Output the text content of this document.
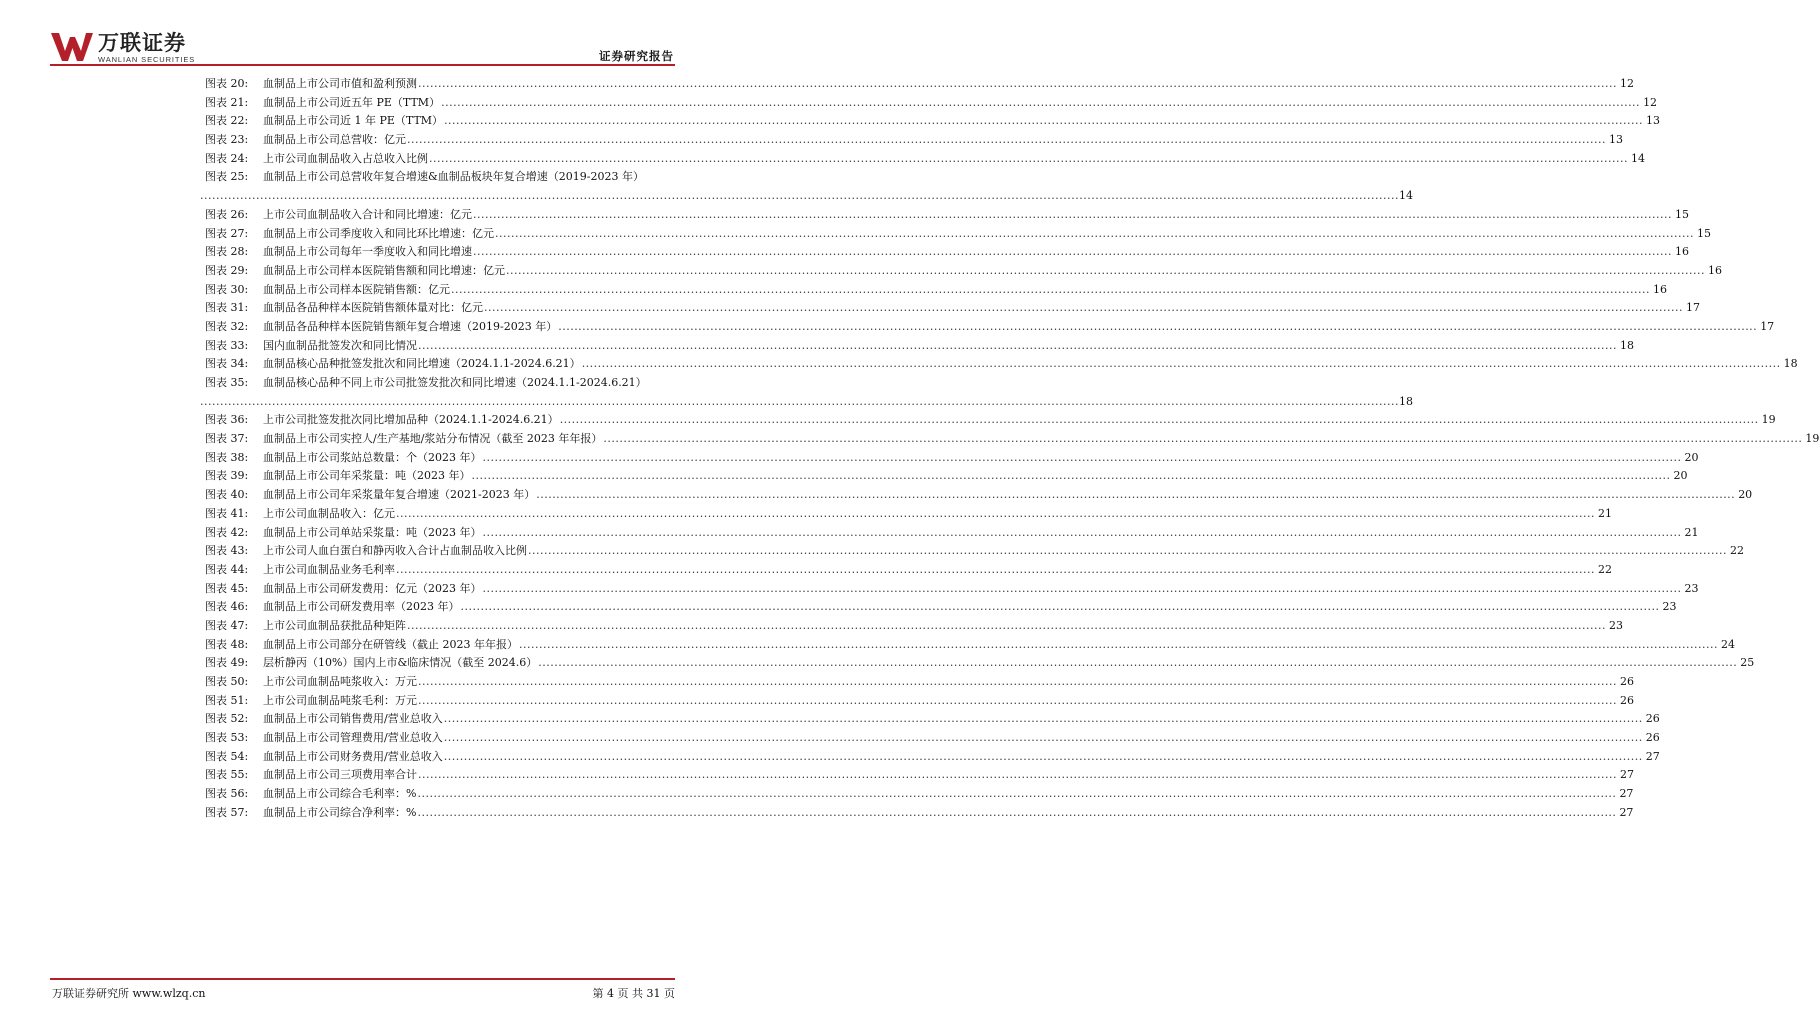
万联证券
WANLIAN SECURITIES	证券研究报告
图表 20:	血制品上市公司市值和盈利预测 ............................................................................................................................................................................................................................................................................................................ 12
图表 21:	血制品上市公司近五年 PE（TTM） ............................................................................................................................................................................................................................................................................................................ 12
图表 22:	血制品上市公司近 1 年 PE（TTM） ............................................................................................................................................................................................................................................................................................................ 13
图表 23:	血制品上市公司总营收：亿元 ............................................................................................................................................................................................................................................................................................................ 13
图表 24:	上市公司血制品收入占总收入比例 ............................................................................................................................................................................................................................................................................................................ 14
图表 25:	血制品上市公司总营收年复合增速&血制品板块年复合增速（2019-2023 年）
............................................................................................................................................................................................................................................................................................................ 14
图表 26:	上市公司血制品收入合计和同比增速：亿元 ............................................................................................................................................................................................................................................................................................................ 15
图表 27:	血制品上市公司季度收入和同比环比增速：亿元 ............................................................................................................................................................................................................................................................................................................ 15
图表 28:	血制品上市公司每年一季度收入和同比增速 ............................................................................................................................................................................................................................................................................................................ 16
图表 29:	血制品上市公司样本医院销售额和同比增速：亿元 ............................................................................................................................................................................................................................................................................................................ 16
图表 30:	血制品上市公司样本医院销售额：亿元 ............................................................................................................................................................................................................................................................................................................ 16
图表 31:	血制品各品种样本医院销售额体量对比：亿元 ............................................................................................................................................................................................................................................................................................................ 17
图表 32:	血制品各品种样本医院销售额年复合增速（2019-2023 年） ............................................................................................................................................................................................................................................................................................................ 17
图表 33:	国内血制品批签发次和同比情况 ............................................................................................................................................................................................................................................................................................................ 18
图表 34:	血制品核心品种批签发批次和同比增速（2024.1.1-2024.6.21） ............................................................................................................................................................................................................................................................................................................ 18
图表 35:	血制品核心品种不同上市公司批签发批次和同比增速（2024.1.1-2024.6.21）
............................................................................................................................................................................................................................................................................................................ 18
图表 36:	上市公司批签发批次同比增加品种（2024.1.1-2024.6.21） ............................................................................................................................................................................................................................................................................................................ 19
图表 37:	血制品上市公司实控人/生产基地/浆站分布情况（截至 2023 年年报） ............................................................................................................................................................................................................................................................................................................ 19
图表 38:	血制品上市公司浆站总数量：个（2023 年） ............................................................................................................................................................................................................................................................................................................ 20
图表 39:	血制品上市公司年采浆量：吨（2023 年） ............................................................................................................................................................................................................................................................................................................ 20
图表 40:	血制品上市公司年采浆量年复合增速（2021-2023 年） ............................................................................................................................................................................................................................................................................................................ 20
图表 41:	上市公司血制品收入：亿元 ............................................................................................................................................................................................................................................................................................................ 21
图表 42:	血制品上市公司单站采浆量：吨（2023 年） ............................................................................................................................................................................................................................................................................................................ 21
图表 43:	上市公司人血白蛋白和静丙收入合计占血制品收入比例 ............................................................................................................................................................................................................................................................................................................ 22
图表 44:	上市公司血制品业务毛利率 ............................................................................................................................................................................................................................................................................................................ 22
图表 45:	血制品上市公司研发费用：亿元（2023 年） ............................................................................................................................................................................................................................................................................................................ 23
图表 46:	血制品上市公司研发费用率（2023 年） ............................................................................................................................................................................................................................................................................................................ 23
图表 47:	上市公司血制品获批品种矩阵 ............................................................................................................................................................................................................................................................................................................ 23
图表 48:	血制品上市公司部分在研管线（截止 2023 年年报） ............................................................................................................................................................................................................................................................................................................ 24
图表 49:	层析静丙（10%）国内上市&临床情况（截至 2024.6） ............................................................................................................................................................................................................................................................................................................ 25
图表 50:	上市公司血制品吨浆收入：万元 ............................................................................................................................................................................................................................................................................................................ 26
图表 51:	上市公司血制品吨浆毛利：万元 ............................................................................................................................................................................................................................................................................................................ 26
图表 52:	血制品上市公司销售费用/营业总收入 ............................................................................................................................................................................................................................................................................................................ 26
图表 53:	血制品上市公司管理费用/营业总收入 ............................................................................................................................................................................................................................................................................................................ 26
图表 54:	血制品上市公司财务费用/营业总收入 ............................................................................................................................................................................................................................................................................................................ 27
图表 55:	血制品上市公司三项费用率合计 ............................................................................................................................................................................................................................................................................................................ 27
图表 56:	血制品上市公司综合毛利率：% ............................................................................................................................................................................................................................................................................................................ 27
图表 57:	血制品上市公司综合净利率：% ............................................................................................................................................................................................................................................................................................................ 27
万联证券研究所 www.wlzq.cn	第 4 页 共 31 页
